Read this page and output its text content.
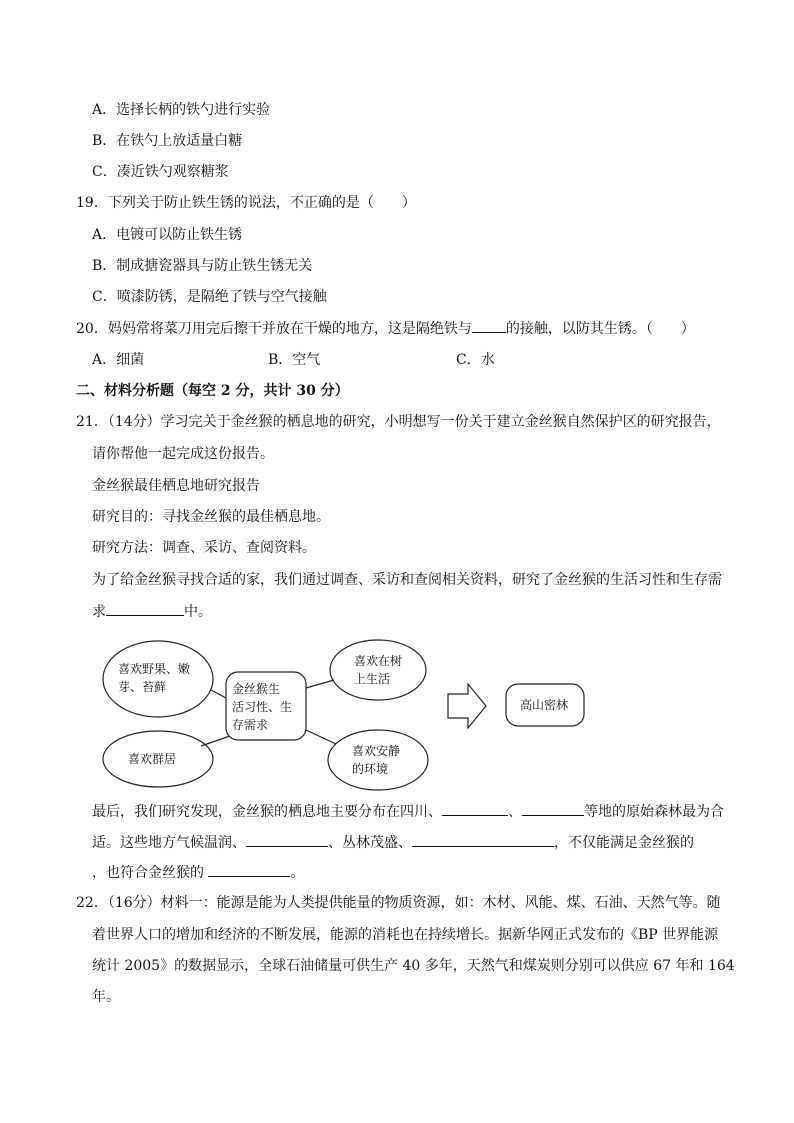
A．选择长柄的铁勺进行实验
B．在铁勺上放适量白糖
C．凑近铁勺观察糖浆
19．下列关于防止铁生锈的说法，不正确的是（　　）
A．电镀可以防止铁生锈
B．制成搪瓷器具与防止铁生锈无关
C．喷漆防锈，是隔绝了铁与空气接触
20．妈妈常将菜刀用完后擦干并放在干燥的地方，这是隔绝铁与 的接触，以防其生锈。（　　）
A．细菌	B．空气	C．水
二、材料分析题（每空 2 分，共计 30 分）
21．（14分）学习完关于金丝猴的栖息地的研究，小明想写一份关于建立金丝猴自然保护区的研究报告，
请你帮他一起完成这份报告。
金丝猴最佳栖息地研究报告
研究目的：寻找金丝猴的最佳栖息地。
研究方法：调查、采访、查阅资料。
为了给金丝猴寻找合适的家，我们通过调查、采访和查阅相关资料，研究了金丝猴的生活习性和生存需
求	中。
喜欢野果、嫩
芽、苔藓
喜欢在树
上生活
金丝猴生
活习性、生
存需求
喜欢群居
喜欢安静
的环境
高山密林
最后，我们研究发现，金丝猴的栖息地主要分布在四川、	、	等地的原始森林最为合
适。这些地方气候温润、	、丛林茂盛、	，不仅能满足金丝猴的
，也符合金丝猴的	。
22．（16分）材料一：能源是能为人类提供能量的物质资源，如：木材、风能、煤、石油、天然气等。随
着世界人口的增加和经济的不断发展，能源的消耗也在持续增长。据新华网正式发布的《BP 世界能源
统计 2005》的数据显示，全球石油储量可供生产 40 多年，天然气和煤炭则分别可以供应 67 年和 164
年。
